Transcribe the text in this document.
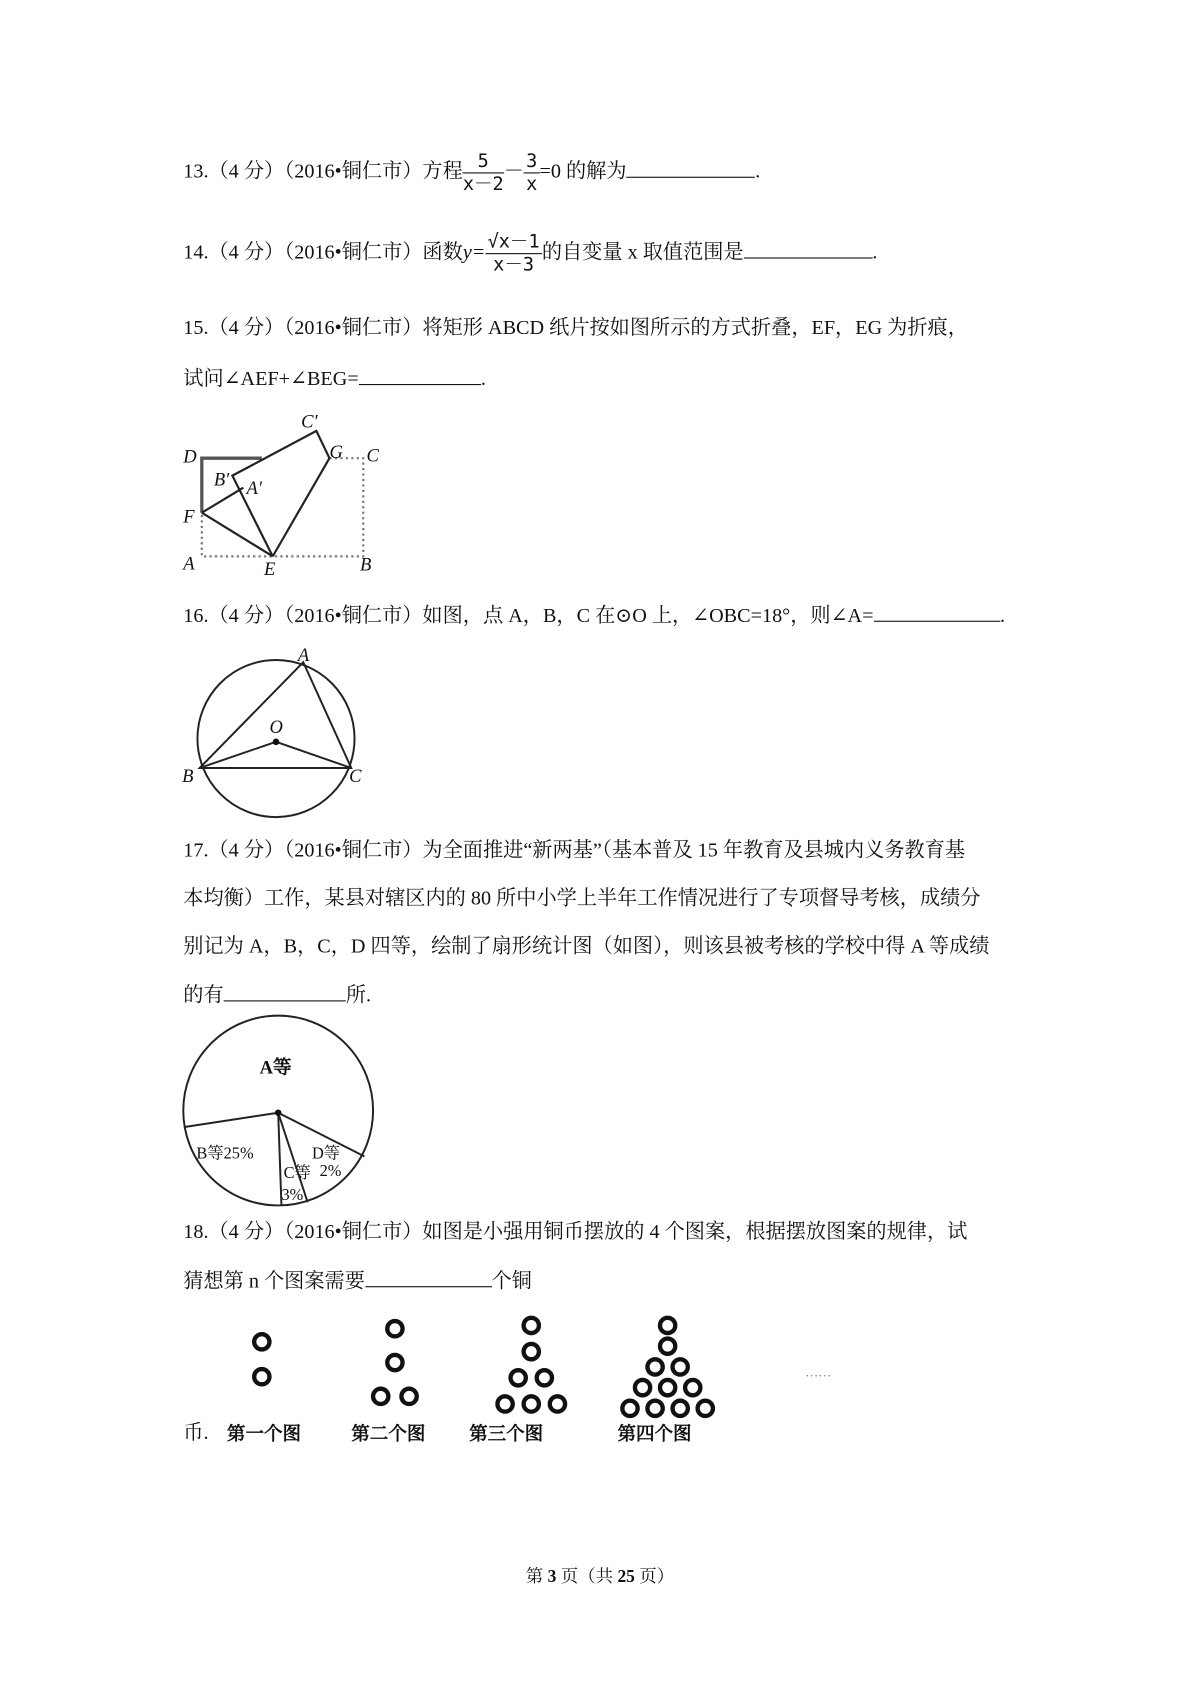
13.（4 分）（2016•铜仁市）方程 $\frac{5}{x-2} - \frac{3}{x} =0$ 的解为	.
14.（4 分）（2016•铜仁市）函数$y= \frac{√x-1}{x-3}$ 的自变量 x 取值范围是	.
15.（4 分）（2016•铜仁市）将矩形 ABCD 纸片按如图所示的方式折叠，EF，EG 为折痕，
试问∠AEF+∠BEG=	.
C′
G C
D
B′ A′
F
A	E	B
16.（4 分）（2016•铜仁市）如图，点 A，B，C 在⊙O 上，∠OBC=18°，则∠A=	.
A
O
B	C
17.（4 分）（2016•铜仁市）为全面推进“新两基”（基本普及 15 年教育及县城内义务教育基
本均衡）工作，某县对辖区内的 80 所中小学上半年工作情况进行了专项督导考核，成绩分
别记为 A，B，C，D 四等，绘制了扇形统计图（如图），则该县被考核的学校中得 A 等成绩
的有	所.
A等
B等25%	D等
2%
C等
3%
18.（4 分）（2016•铜仁市）如图是小强用铜币摆放的 4 个图案，根据摆放图案的规律，试
猜想第 n 个图案需要	个铜
币. 第一个图	第二个图	第三个图	第四个图
……
第 3 页（共 25 页）
